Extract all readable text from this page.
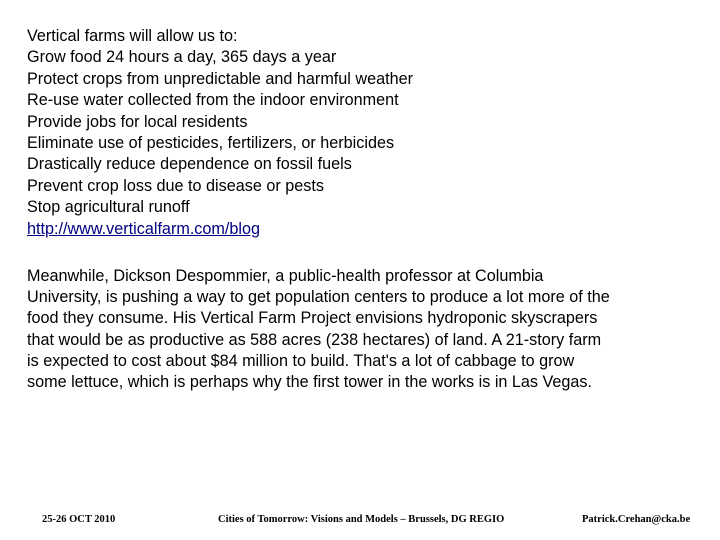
Vertical farms will allow us to:
Grow food 24 hours a day, 365 days a year
Protect crops from unpredictable and harmful weather
Re-use water collected from the indoor environment
Provide jobs for local residents
Eliminate use of pesticides, fertilizers, or herbicides
Drastically reduce dependence on fossil fuels
Prevent crop loss due to disease or pests
Stop agricultural runoff
http://www.verticalfarm.com/blog
Meanwhile, Dickson Despommier, a public-health professor at Columbia
University, is pushing a way to get population centers to produce a lot more of the
food they consume. His Vertical Farm Project envisions hydroponic skyscrapers
that would be as productive as 588 acres (238 hectares) of land. A 21-story farm
is expected to cost about $84 million to build. That's a lot of cabbage to grow
some lettuce, which is perhaps why the first tower in the works is in Las Vegas.
25-26 OCT 2010	Cities of Tomorrow: Visions and Models – Brussels, DG REGIO	Patrick.Crehan@cka.be
